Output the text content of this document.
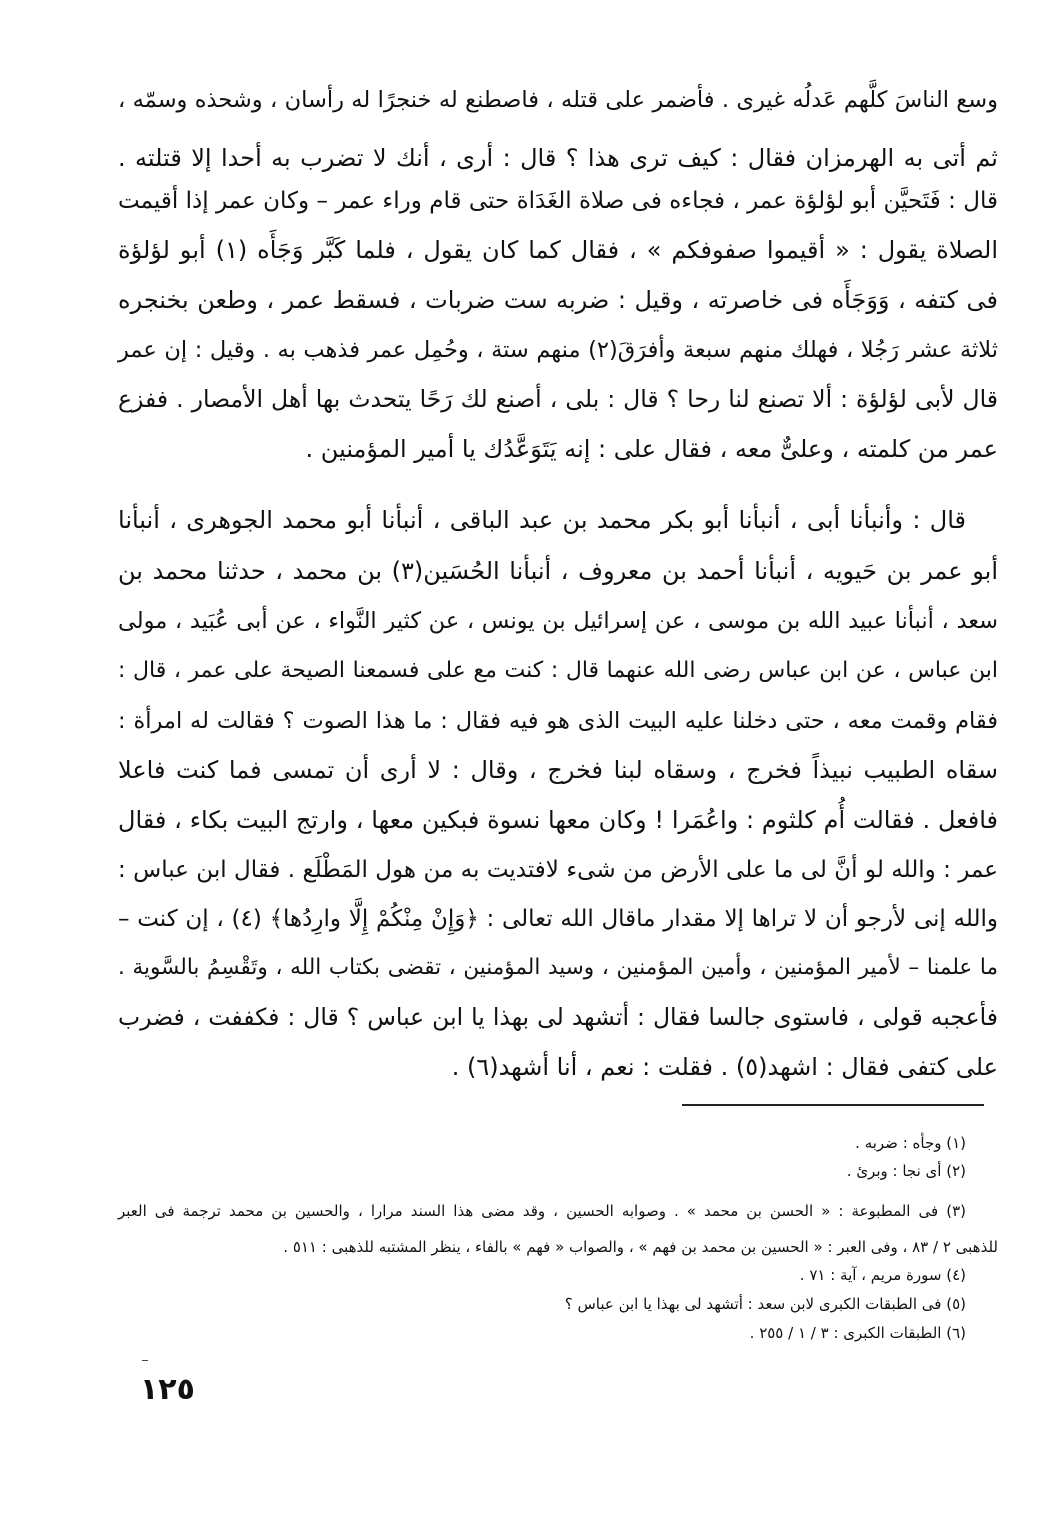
وسع الناسَ كلَّهم عَدلُه غيرى . فأضمر على قتله ، فاصطنع له خنجرًا له رأسان ، وشحذه وسمّه ،

ثم أتى به الهرمزان فقال : كيف ترى هذا ؟ قال : أرى ، أنك لا تضرب به أحدا إلا قتلته .

قال : فَتَحيَّن أبو لؤلؤة عمر ، فجاءه فى صلاة الغَدَاة حتى قام وراء عمر – وكان عمر إذا أقيمت

الصلاة يقول : « أقيموا صفوفكم » ، فقال كما كان يقول ، فلما كَبَّر وَجَأَه (١) أبو لؤلؤة

فى كتفه ، وَوَجَأَه فى خاصرته ، وقيل : ضربه ست ضربات ، فسقط عمر ، وطعن بخنجره

ثلاثة عشر رَجُلا ، فهلك منهم سبعة وأفرَقَ(٢) منهم ستة ، وحُمِل عمر فذهب به . وقيل : إن عمر

قال لأبى لؤلؤة : ألا تصنع لنا رحا ؟ قال : بلى ، أصنع لك رَحًا يتحدث بها أهل الأمصار . ففزع

عمر من كلمته ، وعلىٌّ معه ، فقال على : إنه يَتَوَعَّدُك يا أمير المؤمنين .

قال : وأنبأنا أبى ، أنبأنا أبو بكر محمد بن عبد الباقى ، أنبأنا أبو محمد الجوهرى ، أنبأنا

أبو عمر بن حَيويه ، أنبأنا أحمد بن معروف ، أنبأنا الحُسَين(٣) بن محمد ، حدثنا محمد بن

سعد ، أنبأنا عبيد الله بن موسى ، عن إسرائيل بن يونس ، عن كثير النَّواء ، عن أبى عُبَيد ، مولى

ابن عباس ، عن ابن عباس رضى الله عنهما قال : كنت مع على فسمعنا الصيحة على عمر ، قال :

فقام وقمت معه ، حتى دخلنا عليه البيت الذى هو فيه فقال : ما هذا الصوت ؟ فقالت له امرأة :

سقاه الطبيب نبيذاً فخرج ، وسقاه لبنا فخرج ، وقال : لا أرى أن تمسى فما كنت فاعلا

فافعل . فقالت أُم كلثوم : واعُمَرا ! وكان معها نسوة فبكين معها ، وارتج البيت بكاء ، فقال

عمر : والله لو أنَّ لى ما على الأرض من شىء لافتديت به من هول المَطْلَع . فقال ابن عباس :

والله إنى لأرجو أن لا تراها إلا مقدار ماقال الله تعالى : ﴿وَإِنْ مِنْكُمْ إِلَّا وارِدُها﴾ (٤) ، إن كنت –

ما علمنا – لأمير المؤمنين ، وأمين المؤمنين ، وسيد المؤمنين ، تقضى بكتاب الله ، وتَقْسِمُ بالسَّوية .

فأعجبه قولى ، فاستوى جالسا فقال : أتشهد لى بهذا يا ابن عباس ؟ قال : فكففت ، فضرب

على كتفى فقال : اشهد(٥) . فقلت : نعم ، أنا أشهد(٦) .

(١) وجأه : ضربه .

(٢) أى نجا : وبرئ .

(٣) فى المطبوعة : « الحسن بن محمد » . وصوابه الحسين ، وقد مضى هذا السند مرارا ، والحسين بن محمد ترجمة فى العبر

للذهبى ٢ / ٨٣ ، وفى العبر : « الحسين بن محمد بن فهم » ، والصواب « فهم » بالفاء ، ينظر المشتبه للذهبى : ٥١١ .

(٤) سورة مريم ، آية : ٧١ .

(٥) فى الطبقات الكبرى لابن سعد : أتشهد لى بهذا يا ابن عباس ؟

(٦) الطبقات الكبرى : ٣ / ١ / ٢٥٥ .

١٢٥
